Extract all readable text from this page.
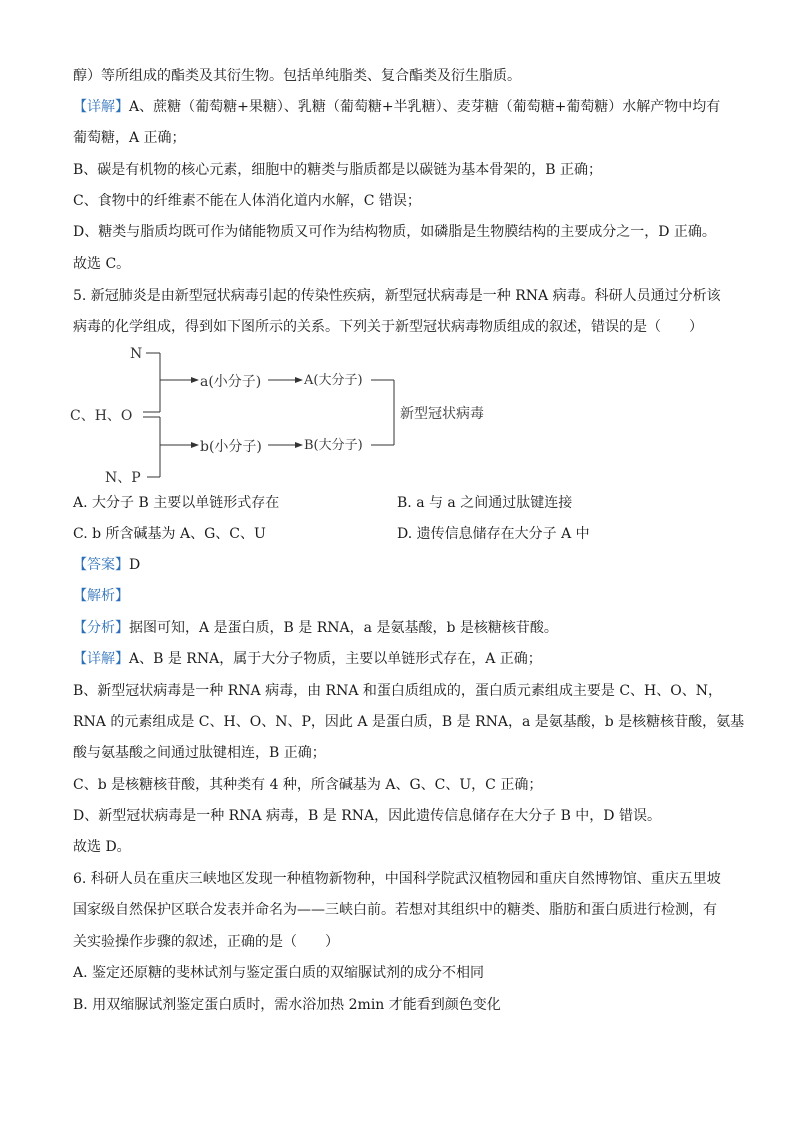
醇）等所组成的酯类及其衍生物。包括单纯脂类、复合酯类及衍生脂质。
【详解】A、蔗糖（葡萄糖+果糖）、乳糖（葡萄糖+半乳糖）、麦芽糖（葡萄糖+葡萄糖）水解产物中均有
葡萄糖，A 正确；
B、碳是有机物的核心元素，细胞中的糖类与脂质都是以碳链为基本骨架的，B 正确；
C、食物中的纤维素不能在人体消化道内水解，C 错误；
D、糖类与脂质均既可作为储能物质又可作为结构物质，如磷脂是生物膜结构的主要成分之一，D 正确。
故选 C。
5. 新冠肺炎是由新型冠状病毒引起的传染性疾病，新型冠状病毒是一种 RNA 病毒。科研人员通过分析该
病毒的化学组成，得到如下图所示的关系。下列关于新型冠状病毒物质组成的叙述，错误的是（　　）
N
C、H、O
N、P
a(小分子)	A(大分子)
b(小分子)	B(大分子)
新型冠状病毒
A. 大分子 B 主要以单链形式存在	B. a 与 a 之间通过肽键连接
C. b 所含碱基为 A、G、C、U	D. 遗传信息储存在大分子 A 中
【答案】D
【解析】
【分析】据图可知，A 是蛋白质，B 是 RNA，a 是氨基酸，b 是核糖核苷酸。
【详解】A、B 是 RNA，属于大分子物质，主要以单链形式存在，A 正确；
B、新型冠状病毒是一种 RNA 病毒，由 RNA 和蛋白质组成的，蛋白质元素组成主要是 C、H、O、N，
RNA 的元素组成是 C、H、O、N、P，因此 A 是蛋白质，B 是 RNA，a 是氨基酸，b 是核糖核苷酸，氨基
酸与氨基酸之间通过肽键相连，B 正确；
C、b 是核糖核苷酸，其种类有 4 种，所含碱基为 A、G、C、U，C 正确；
D、新型冠状病毒是一种 RNA 病毒，B 是 RNA，因此遗传信息储存在大分子 B 中，D 错误。
故选 D。
6. 科研人员在重庆三峡地区发现一种植物新物种，中国科学院武汉植物园和重庆自然博物馆、重庆五里坡
国家级自然保护区联合发表并命名为——三峡白前。若想对其组织中的糖类、脂肪和蛋白质进行检测，有
关实验操作步骤的叙述，正确的是（　　）
A. 鉴定还原糖的斐林试剂与鉴定蛋白质的双缩脲试剂的成分不相同
B. 用双缩脲试剂鉴定蛋白质时，需水浴加热 2min 才能看到颜色变化
